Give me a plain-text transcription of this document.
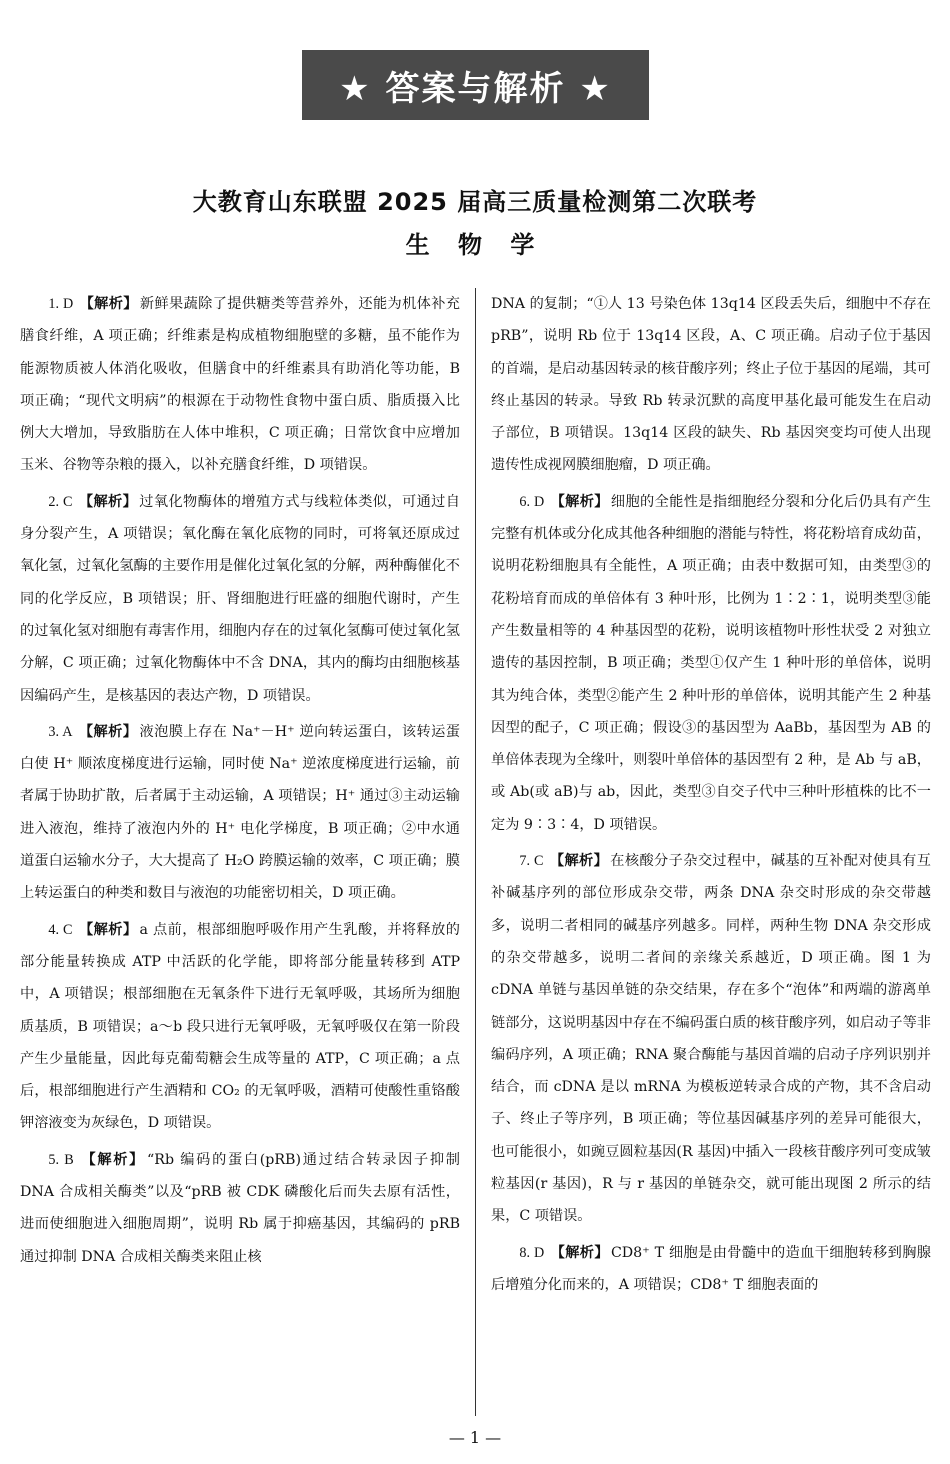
★ 答案与解析 ★
大教育山东联盟 2025 届高三质量检测第二次联考
生 物 学

1. D 【解析】 新鲜果蔬除了提供糖类等营养外，还能为机体补充膳食纤维，A 项正确；纤维素是构成植物细胞壁的多糖，虽不能作为能源物质被人体消化吸收，但膳食中的纤维素具有助消化等功能，B 项正确；“现代文明病”的根源在于动物性食物中蛋白质、脂质摄入比例大大增加，导致脂肪在人体中堆积，C 项正确；日常饮食中应增加玉米、谷物等杂粮的摄入，以补充膳食纤维，D 项错误。

2. C 【解析】 过氧化物酶体的增殖方式与线粒体类似，可通过自身分裂产生，A 项错误；氧化酶在氧化底物的同时，可将氧还原成过氧化氢，过氧化氢酶的主要作用是催化过氧化氢的分解，两种酶催化不同的化学反应，B 项错误；肝、肾细胞进行旺盛的细胞代谢时，产生的过氧化氢对细胞有毒害作用，细胞内存在的过氧化氢酶可使过氧化氢分解，C 项正确；过氧化物酶体中不含 DNA，其内的酶均由细胞核基因编码产生，是核基因的表达产物，D 项错误。

3. A 【解析】 液泡膜上存在 Na⁺－H⁺ 逆向转运蛋白，该转运蛋白使 H⁺ 顺浓度梯度进行运输，同时使 Na⁺ 逆浓度梯度进行运输，前者属于协助扩散，后者属于主动运输，A 项错误；H⁺ 通过③主动运输进入液泡，维持了液泡内外的 H⁺ 电化学梯度，B 项正确；②中水通道蛋白运输水分子，大大提高了 H₂O 跨膜运输的效率，C 项正确；膜上转运蛋白的种类和数目与液泡的功能密切相关，D 项正确。

4. C 【解析】 a 点前，根部细胞呼吸作用产生乳酸，并将释放的部分能量转换成 ATP 中活跃的化学能，即将部分能量转移到 ATP 中，A 项错误；根部细胞在无氧条件下进行无氧呼吸，其场所为细胞质基质，B 项错误；a～b 段只进行无氧呼吸，无氧呼吸仅在第一阶段产生少量能量，因此每克葡萄糖会生成等量的 ATP，C 项正确；a 点后，根部细胞进行产生酒精和 CO₂ 的无氧呼吸，酒精可使酸性重铬酸钾溶液变为灰绿色，D 项错误。

5. B 【解析】 “Rb 编码的蛋白(pRB)通过结合转录因子抑制 DNA 合成相关酶类”以及“pRB 被 CDK 磷酸化后而失去原有活性，进而使细胞进入细胞周期”，说明 Rb 属于抑癌基因，其编码的 pRB 通过抑制 DNA 合成相关酶类来阻止核

DNA 的复制；“①人 13 号染色体 13q14 区段丢失后，细胞中不存在 pRB”，说明 Rb 位于 13q14 区段，A、C 项正确。启动子位于基因的首端，是启动基因转录的核苷酸序列；终止子位于基因的尾端，其可终止基因的转录。导致 Rb 转录沉默的高度甲基化最可能发生在启动子部位，B 项错误。13q14 区段的缺失、Rb 基因突变均可使人出现遗传性成视网膜细胞瘤，D 项正确。

6. D 【解析】 细胞的全能性是指细胞经分裂和分化后仍具有产生完整有机体或分化成其他各种细胞的潜能与特性，将花粉培育成幼苗，说明花粉细胞具有全能性，A 项正确；由表中数据可知，由类型③的花粉培育而成的单倍体有 3 种叶形，比例为 1∶2∶1，说明类型③能产生数量相等的 4 种基因型的花粉，说明该植物叶形性状受 2 对独立遗传的基因控制，B 项正确；类型①仅产生 1 种叶形的单倍体，说明其为纯合体，类型②能产生 2 种叶形的单倍体，说明其能产生 2 种基因型的配子，C 项正确；假设③的基因型为 AaBb，基因型为 AB 的单倍体表现为全缘叶，则裂叶单倍体的基因型有 2 种，是 Ab 与 aB，或 Ab(或 aB)与 ab，因此，类型③自交子代中三种叶形植株的比不一定为 9∶3∶4，D 项错误。

7. C 【解析】 在核酸分子杂交过程中，碱基的互补配对使具有互补碱基序列的部位形成杂交带，两条 DNA 杂交时形成的杂交带越多，说明二者相同的碱基序列越多。同样，两种生物 DNA 杂交形成的杂交带越多，说明二者间的亲缘关系越近，D 项正确。图 1 为 cDNA 单链与基因单链的杂交结果，存在多个“泡体”和两端的游离单链部分，这说明基因中存在不编码蛋白质的核苷酸序列，如启动子等非编码序列，A 项正确；RNA 聚合酶能与基因首端的启动子序列识别并结合，而 cDNA 是以 mRNA 为模板逆转录合成的产物，其不含启动子、终止子等序列，B 项正确；等位基因碱基序列的差异可能很大，也可能很小，如豌豆圆粒基因(R 基因)中插入一段核苷酸序列可变成皱粒基因(r 基因)，R 与 r 基因的单链杂交，就可能出现图 2 所示的结果，C 项错误。

8. D 【解析】 CD8⁺ T 细胞是由骨髓中的造血干细胞转移到胸腺后增殖分化而来的，A 项错误；CD8⁺ T 细胞表面的

— 1 —
